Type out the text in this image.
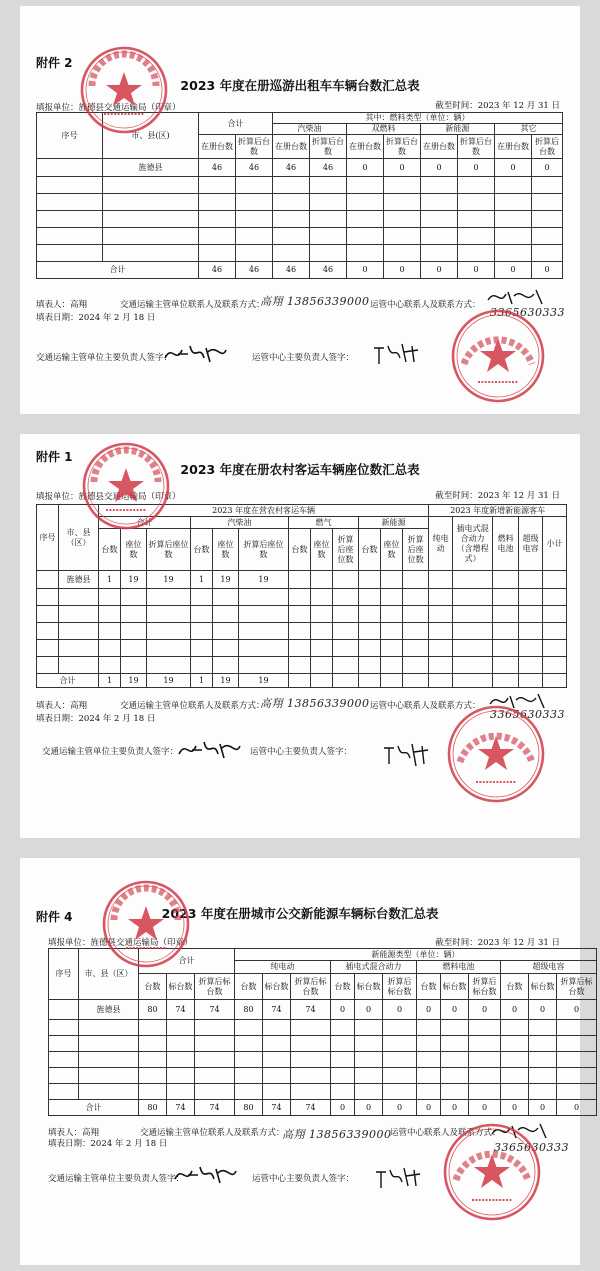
附件 2
2023 年度在册巡游出租车车辆台数汇总表
填报单位：旌德县交通运输局（印章）	截至时间：2023 年 12 月 31 日
序号	市、县(区)	合计		其中：燃料类型（单位：辆）							
				汽柴油		双燃料		新能源		其它	
		在册台数	折算后台数	在册台数	折算后台数	在册台数	折算后台数	在册台数	折算后台数	在册台数	折算后台数
	旌德县	46	46	46	46	0	0	0	0	0	0

合计		46	46	46	46	0	0	0	0	0	0
填表人：高翔	交通运输主管单位联系人及联系方式：
高翔 13856339000 运管中心联系人及联系方式：
3365630333
填表日期：2024 年 2 月 18 日
交通运输主管单位主要负责人签字：	运管中心主要负责人签字：
附件 1
2023 年度在册农村客运车辆座位数汇总表
填报单位：旌德县交通运输局（印章）	截至时间：2023 年 12 月 31 日
序号	市、县（区）	2023 年度在营农村客运车辆												2023 年度新增新能源客车				
		合计			汽柴油			燃气			新能源			纯电动	插电式混合动力（含增程式）	燃料电池	超级电容	小计
		台数	座位数	折算后座位数	台数	座位数	折算后座位数	台数	座位数	折算后座位数	台数	座位数	折算后座位数					
	旌德县	1	19	19	1	19	19											

合计		1	19	19	1	19	19											
填表人：高翔	交通运输主管单位联系人及联系方式：
高翔 13856339000 运管中心联系人及联系方式：
3365630333
填表日期：2024 年 2 月 18 日
交通运输主管单位主要负责人签字：	运管中心主要负责人签字：
附件 4	2023 年度在册城市公交新能源车辆标台数汇总表
填报单位：旌德县交通运输局（印章）	截至时间：2023 年 12 月 31 日
序号	市、县（区）	合计			新能源类型（单位：辆）											
					纯电动			插电式混合动力			燃料电池			超级电容		
		台数	标台数	折算后标台数	台数	标台数	折算后标台数	台数	标台数	折算后标台数	台数	标台数	折算后标台数	台数	标台数	折算后标台数
	旌德县	80	74	74	80	74	74	0	0	0	0	0	0	0	0	0

合计		80	74	74	80	74	74	0	0	0	0	0	0	0	0	0
填表人：高翔	交通运输主管单位联系人及联系方式：
高翔 13856339000
运管中心联系人及联系方式：
3365630333
填表日期：2024 年 2 月 18 日
交通运输主管单位主要负责人签字：	运管中心主要负责人签字：
